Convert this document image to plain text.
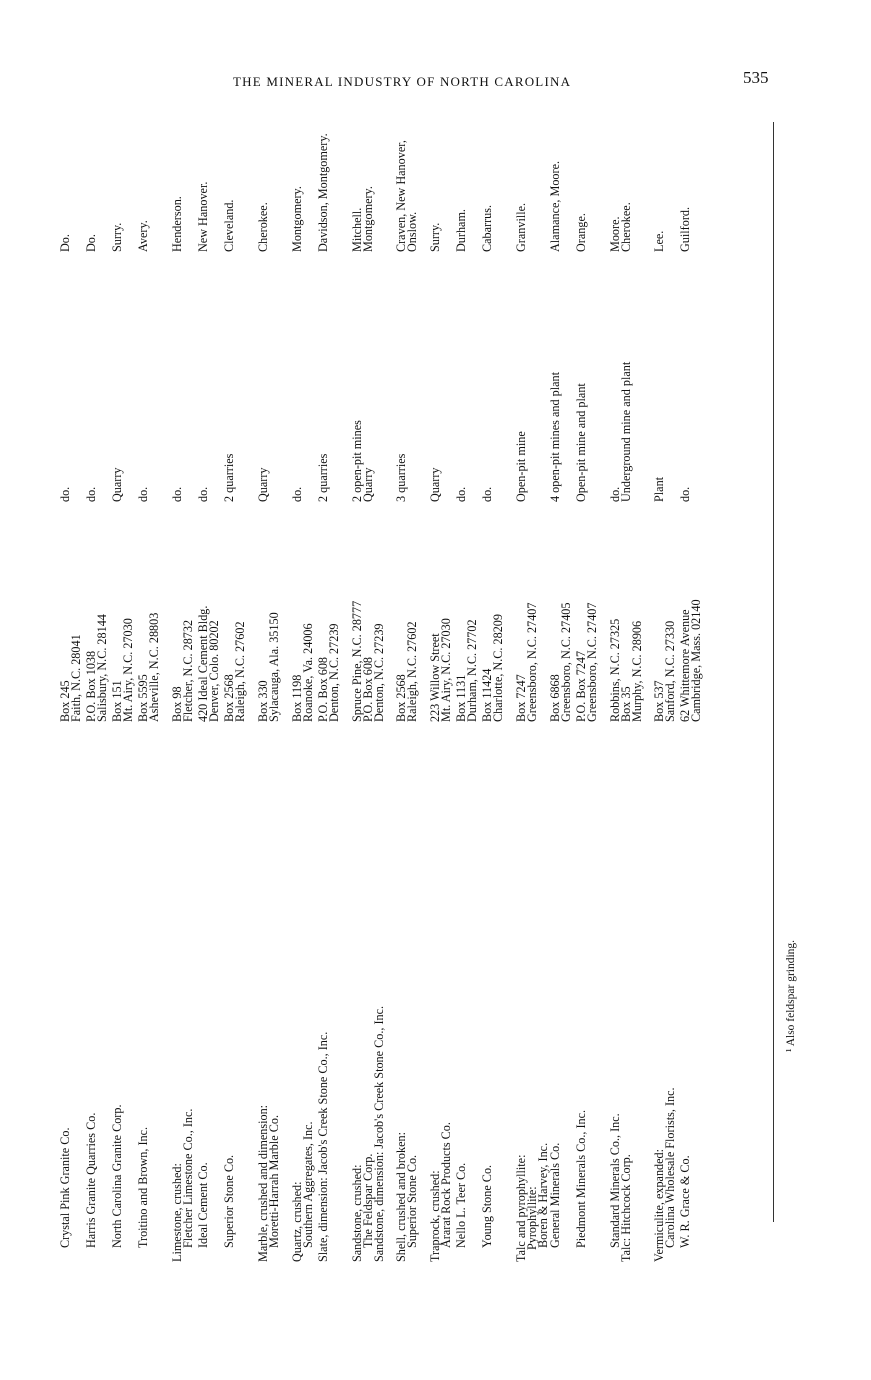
THE MINERAL INDUSTRY OF NORTH CAROLINA	535
Crystal Pink Granite Co. Harris Granite Quarries Co. North Carolina Granite Corp. Troitino and Brown, Inc. Limestone, crushed:
Fletcher Limestone Co., Inc. Ideal Cement Co. Superior Stone Co. Marble, crushed and dimension:
Moretti-Harrah Marble Co. Quartz, crushed:
Southern Aggregates, Inc. Slate, dimension: Jacob's Creek Stone Co., Inc. Sandstone, crushed:
The Feldspar Corp.
Sandstone, dimension: Jacob's Creek Stone Co., Inc. Shell, crushed and broken:
Superior Stone Co. Traprock, crushed:
Ararat Rock Products Co. Nello L. Teer Co. Young Stone Co. Talc and pyrophyllite:
Pyrophyllite:
Boren & Harvey, Inc.
General Minerals Co. Piedmont Minerals Co., Inc. Standard Minerals Co., Inc.
Talc: Hitchcock Corp. Vermiculite, expanded:
Carolina Wholesale Florists, Inc. W. R. Grace & Co.
Box 245
Faith, N.C. 28041 P.O. Box 1038
Salisbury, N.C. 28144 Box 151
Mt. Airy, N.C. 27030 Box 5595
Asheville, N.C. 28803 Box 98
Fletcher, N.C. 28732 420 Ideal Cement Bldg.
Denver, Colo. 80202 Box 2568
Raleigh, N.C. 27602 Box 330
Sylacauga, Ala. 35150 Box 1198
Roanoke, Va. 24006 P.O. Box 608
Denton, N.C. 27239 Spruce Pine, N.C. 28777
P.O. Box 608
Denton, N.C. 27239 Box 2568
Raleigh, N.C. 27602 223 Willow Street
Mt. Airy, N.C. 27030 Box 1131
Durham, N.C. 27702 Box 11424
Charlotte, N.C. 28209 Box 7247
Greensboro, N.C. 27407 Box 6868
Greensboro, N.C. 27405 P.O. Box 7247
Greensboro, N.C. 27407 Robbins, N.C. 27325
Box 35
Murphy, N.C. 28906 Box 537
Sanford, N.C. 27330 62 Whittemore Avenue
Cambridge, Mass. 02140
do. do. Quarry do. do. do. 2 quarries Quarry do. 2 quarries 2 open-pit mines
Quarry 3 quarries Quarry do. do. Open-pit mine 4 open-pit mines and plant Open-pit mine and plant do.
Underground mine and plant Plant do.
Do. Do. Surry. Avery. Henderson. New Hanover. Cleveland. Cherokee. Montgomery. Davidson, Montgomery. Mitchell.
Montgomery. Craven, New Hanover,
Onslow. Surry. Durham. Cabarrus. Granville. Alamance, Moore. Orange. Moore.
Cherokee. Lee. Guilford.
¹ Also feldspar grinding.
